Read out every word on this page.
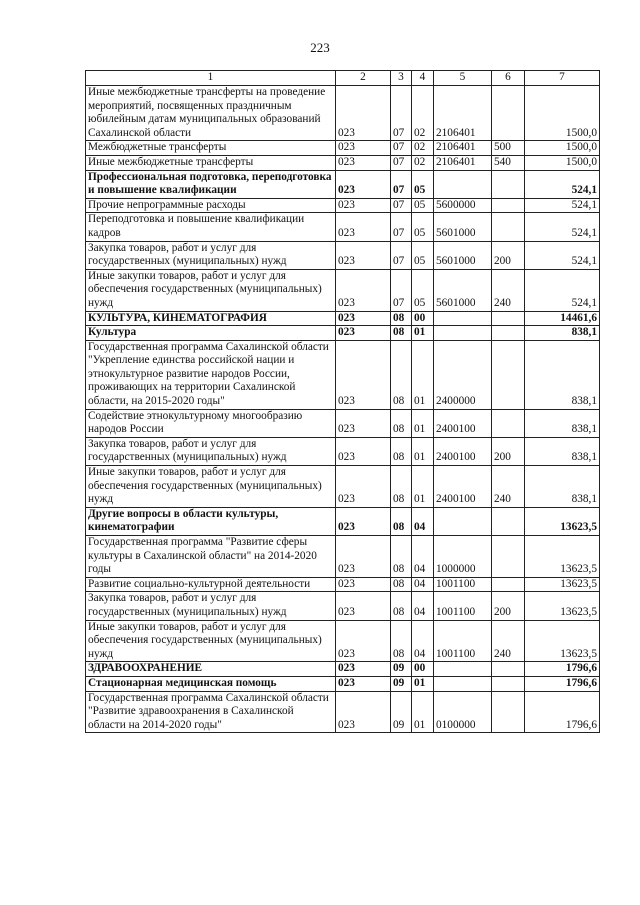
223
1	2	3	4	5	6	7
Иные межбюджетные трансферты на проведение мероприятий, посвященных праздничным юбилейным датам муниципальных образований Сахалинской области	023	07	02	2106401		1500,0
Межбюджетные трансферты	023	07	02	2106401	500	1500,0
Иные межбюджетные трансферты	023	07	02	2106401	540	1500,0
Профессиональная подготовка, переподготовка и повышение квалификации	023	07	05			524,1
Прочие непрограммные расходы	023	07	05	5600000		524,1
Переподготовка и повышение квалификации кадров	023	07	05	5601000		524,1
Закупка товаров, работ и услуг для государственных (муниципальных) нужд	023	07	05	5601000	200	524,1
Иные закупки товаров, работ и услуг для обеспечения государственных (муниципальных) нужд	023	07	05	5601000	240	524,1
КУЛЬТУРА, КИНЕМАТОГРАФИЯ	023	08	00			14461,6
Культура	023	08	01			838,1
Государственная программа Сахалинской области "Укрепление единства российской нации и этнокультурное развитие народов России, проживающих на территории Сахалинской области, на 2015-2020 годы"	023	08	01	2400000		838,1
Содействие этнокультурному многообразию народов России	023	08	01	2400100		838,1
Закупка товаров, работ и услуг для государственных (муниципальных) нужд	023	08	01	2400100	200	838,1
Иные закупки товаров, работ и услуг для обеспечения государственных (муниципальных) нужд	023	08	01	2400100	240	838,1
Другие вопросы в области культуры, кинематографии	023	08	04			13623,5
Государственная программа "Развитие сферы культуры в Сахалинской области" на 2014-2020 годы	023	08	04	1000000		13623,5
Развитие социально-культурной деятельности	023	08	04	1001100		13623,5
Закупка товаров, работ и услуг для государственных (муниципальных) нужд	023	08	04	1001100	200	13623,5
Иные закупки товаров, работ и услуг для обеспечения государственных (муниципальных) нужд	023	08	04	1001100	240	13623,5
ЗДРАВООХРАНЕНИЕ	023	09	00			1796,6
Стационарная медицинская помощь	023	09	01			1796,6
Государственная программа Сахалинской области "Развитие здравоохранения в Сахалинской области на 2014-2020 годы"	023	09	01	0100000		1796,6
